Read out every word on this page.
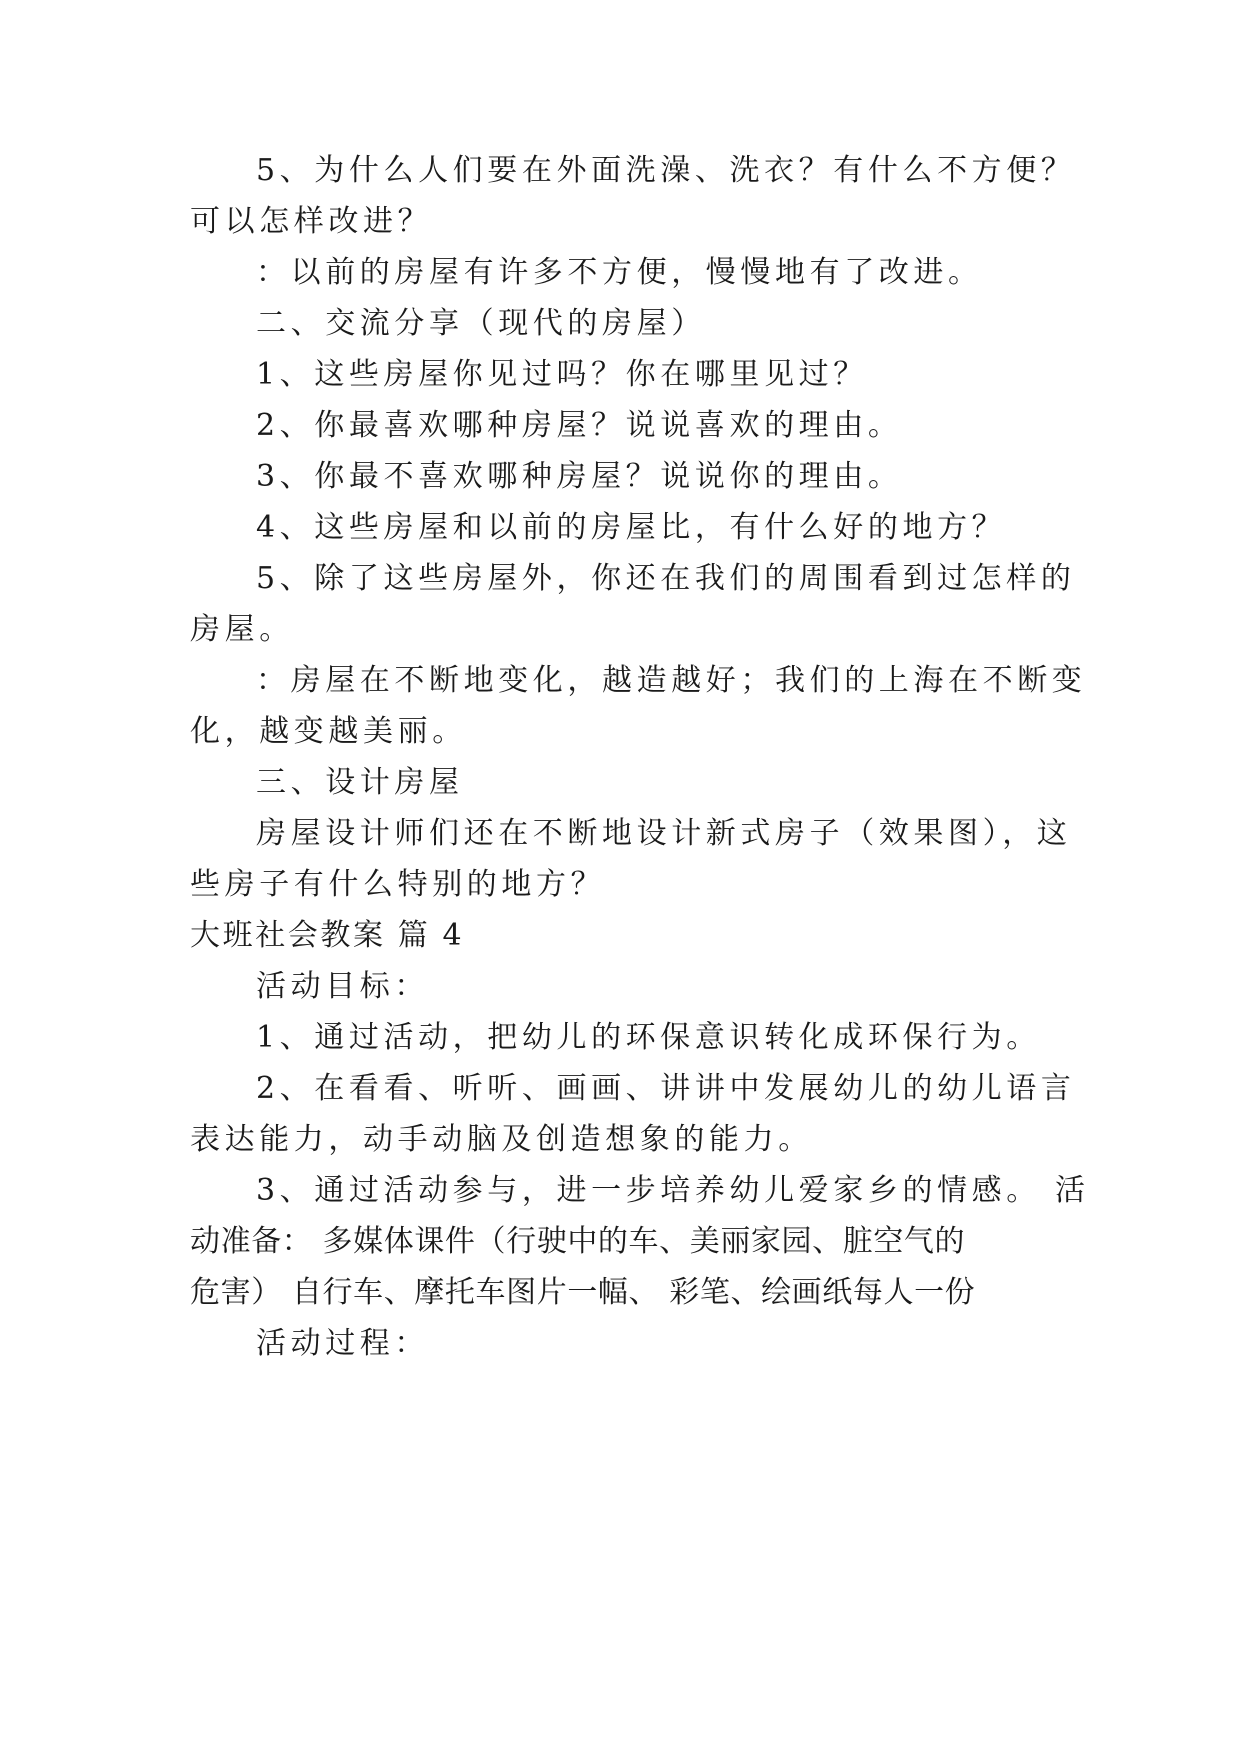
5、为什么人们要在外面洗澡、洗衣？有什么不方便？
可以怎样改进？
：以前的房屋有许多不方便，慢慢地有了改进。
二、交流分享（现代的房屋）
1、这些房屋你见过吗？你在哪里见过？
2、你最喜欢哪种房屋？说说喜欢的理由。
3、你最不喜欢哪种房屋？说说你的理由。
4、这些房屋和以前的房屋比，有什么好的地方？
5、除了这些房屋外，你还在我们的周围看到过怎样的
房屋。
：房屋在不断地变化，越造越好；我们的上海在不断变
化，越变越美丽。
三、设计房屋
房屋设计师们还在不断地设计新式房子（效果图），这
些房子有什么特别的地方？
大班社会教案 篇 4
活动目标：
1、通过活动，把幼儿的环保意识转化成环保行为。
2、在看看、听听、画画、讲讲中发展幼儿的幼儿语言
表达能力，动手动脑及创造想象的能力。
3、通过活动参与，进一步培养幼儿爱家乡的情感。 活
动准备： 多媒体课件（行驶中的车、美丽家园、脏空气的
危害） 自行车、摩托车图片一幅、 彩笔、绘画纸每人一份
活动过程：
